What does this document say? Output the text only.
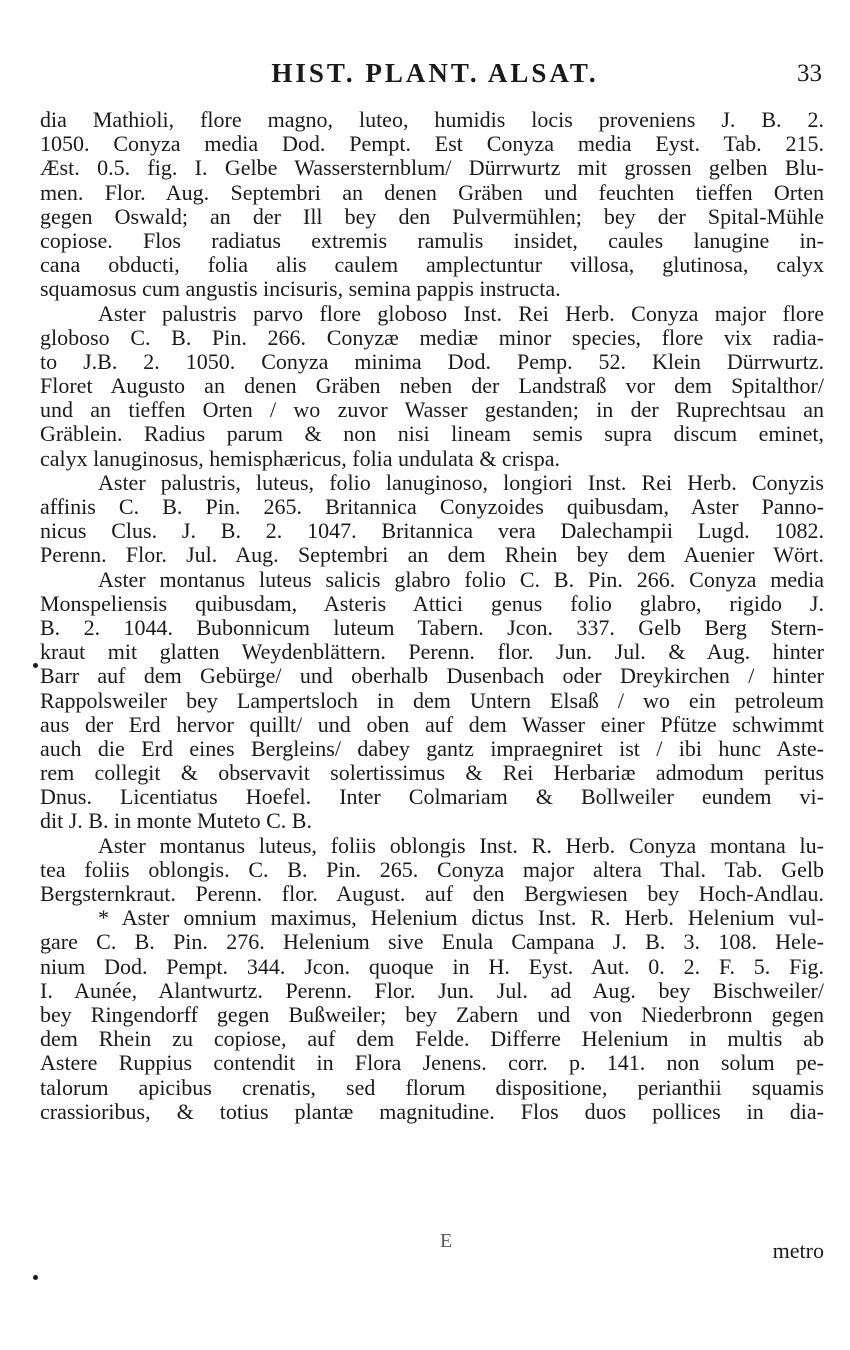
HIST. PLANT. ALSAT.	33
dia Mathioli, flore magno, luteo, humidis locis proveniens J. B. 2.
1050. Conyza media Dod. Pempt. Est Conyza media Eyst. Tab. 215.
Æst. 0.5. fig. I. Gelbe Wasserstern​blum/ Dürrwurtz mit grossen gelben Blu-
men. Flor. Aug. Septembri an denen Gräben und feuchten tieffen Orten
gegen Oswald; an der Ill bey den Pulvermühlen; bey der Spital-Mühle
copiose. Flos radiatus extremis ramulis insidet, caules lanugine in-
cana obducti, folia alis caulem amplectuntur villosa, glutinosa, calyx
squamosus cum angustis incisuris, semina pappis instructa.
Aster palustris parvo flore globoso Inst. Rei Herb. Conyza major flore
globoso C. B. Pin. 266. Conyzæ mediæ minor species, flore vix radia-
to J.B. 2. 1050. Conyza minima Dod. Pemp. 52. Klein Dürrwurtz.
Floret Augusto an denen Gräben neben der Landstraß vor dem Spitalthor/
und an tieffen Orten / wo zuvor Wasser gestanden; in der Ruprechtsau an
Gräblein. Radius parum & non nisi lineam semis supra discum eminet,
calyx lanuginosus, hemisphæricus, folia undulata & crispa.
Aster palustris, luteus, folio lanuginoso, longiori Inst. Rei Herb. Conyzis
affinis C. B. Pin. 265. Britannica Conyzoides quibusdam, Aster Panno-
nicus Clus. J. B. 2. 1047. Britannica vera Dalechampii Lugd. 1082.
Perenn. Flor. Jul. Aug. Septembri an dem Rhein bey dem Auenier Wört.
Aster montanus luteus salicis glabro folio C. B. Pin. 266. Conyza media
Monspeliensis quibusdam, Asteris Attici genus folio glabro, rigido J.
B. 2. 1044. Bubonnicum luteum Tabern. Jcon. 337. Gelb Berg Stern-
kraut mit glatten Weydenblättern. Perenn. flor. Jun. Jul. & Aug. hinter
Barr auf dem Gebürge/ und oberhalb Dusenbach oder Dreykirchen / hinter
Rappolsweiler bey Lampertsloch in dem Untern Elsaß / wo ein petroleum
aus der Erd hervor quillt/ und oben auf dem Wasser einer Pfütze schwimmt
auch die Erd eines Bergleins/ dabey gantz impraegniret ist / ibi hunc Aste-
rem collegit & observavit solertissimus & Rei Herbariæ admodum peritus
Dnus. Licentiatus Hoefel. Inter Colmariam & Bollweiler eundem vi-
dit J. B. in monte Muteto C. B.
Aster montanus luteus, foliis oblongis Inst. R. Herb. Conyza montana lu-
tea foliis oblongis. C. B. Pin. 265. Conyza major altera Thal. Tab. Gelb
Bergsternkraut. Perenn. flor. August. auf den Bergwiesen bey Hoch-Andlau.
* Aster omnium maximus, Helenium dictus Inst. R. Herb. Helenium vul-
gare C. B. Pin. 276. Helenium sive Enula Campana J. B. 3. 108. Hele-
nium Dod. Pempt. 344. Jcon. quoque in H. Eyst. Aut. 0. 2. F. 5. Fig.
I. Aunée, Alantwurtz. Perenn. Flor. Jun. Jul. ad Aug. bey Bischweiler/
bey Ringendorff gegen Bußweiler; bey Zabern und von Niederbronn gegen
dem Rhein zu copiose, auf dem Felde. Differre Helenium in multis ab
Astere Ruppius contendit in Flora Jenens. corr. p. 141. non solum pe-
talorum apicibus crenatis, sed florum dispositione, perianthii squamis
crassioribus, & totius plantæ magnitudine. Flos duos pollices in dia-
E	metro
